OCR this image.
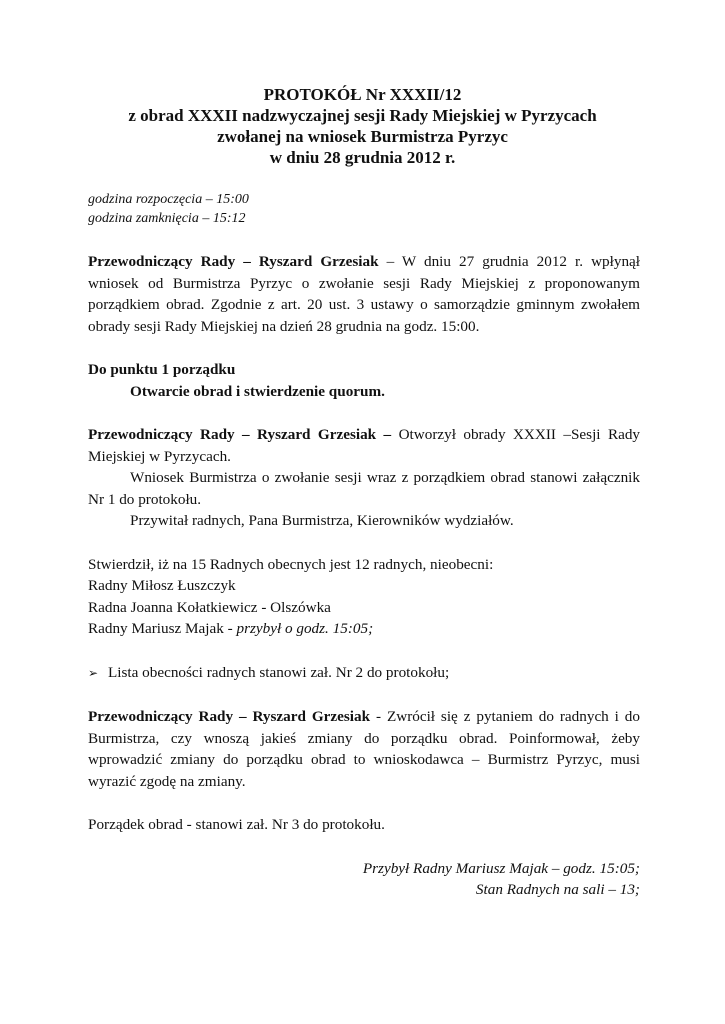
PROTOKÓŁ Nr XXXII/12
z obrad XXXII nadzwyczajnej sesji Rady Miejskiej w Pyrzycach
zwołanej na wniosek Burmistrza Pyrzyc
w dniu 28 grudnia 2012 r.
godzina rozpoczęcia – 15:00
godzina zamknięcia – 15:12

Przewodniczący Rady – Ryszard Grzesiak – W dniu 27 grudnia 2012 r. wpłynął wniosek od Burmistrza Pyrzyc o zwołanie sesji Rady Miejskiej z proponowanym porządkiem obrad. Zgodnie z art. 20 ust. 3 ustawy o samorządzie gminnym zwołałem obrady sesji Rady Miejskiej na dzień 28 grudnia na godz. 15:00.

Do punktu 1 porządku
Otwarcie obrad i stwierdzenie quorum.

Przewodniczący Rady – Ryszard Grzesiak – Otworzył obrady XXXII –Sesji Rady Miejskiej w Pyrzycach.

Wniosek Burmistrza o zwołanie sesji wraz z porządkiem obrad stanowi załącznik Nr 1 do protokołu.

Przywitał radnych, Pana Burmistrza, Kierowników wydziałów.

Stwierdził, iż na 15 Radnych obecnych jest 12 radnych, nieobecni:
Radny Miłosz Łuszczyk
Radna Joanna Kołatkiewicz - Olszówka
Radny Mariusz Majak - przybył o godz. 15:05;
➢ Lista obecności radnych stanowi zał. Nr 2 do protokołu;

Przewodniczący Rady – Ryszard Grzesiak - Zwrócił się z pytaniem do radnych i do Burmistrza, czy wnoszą jakieś zmiany do porządku obrad. Poinformował, żeby wprowadzić zmiany do porządku obrad to wnioskodawca – Burmistrz Pyrzyc, musi wyrazić zgodę na zmiany.

Porządek obrad - stanowi zał. Nr 3 do protokołu.
Przybył Radny Mariusz Majak – godz. 15:05;
Stan Radnych na sali – 13;
